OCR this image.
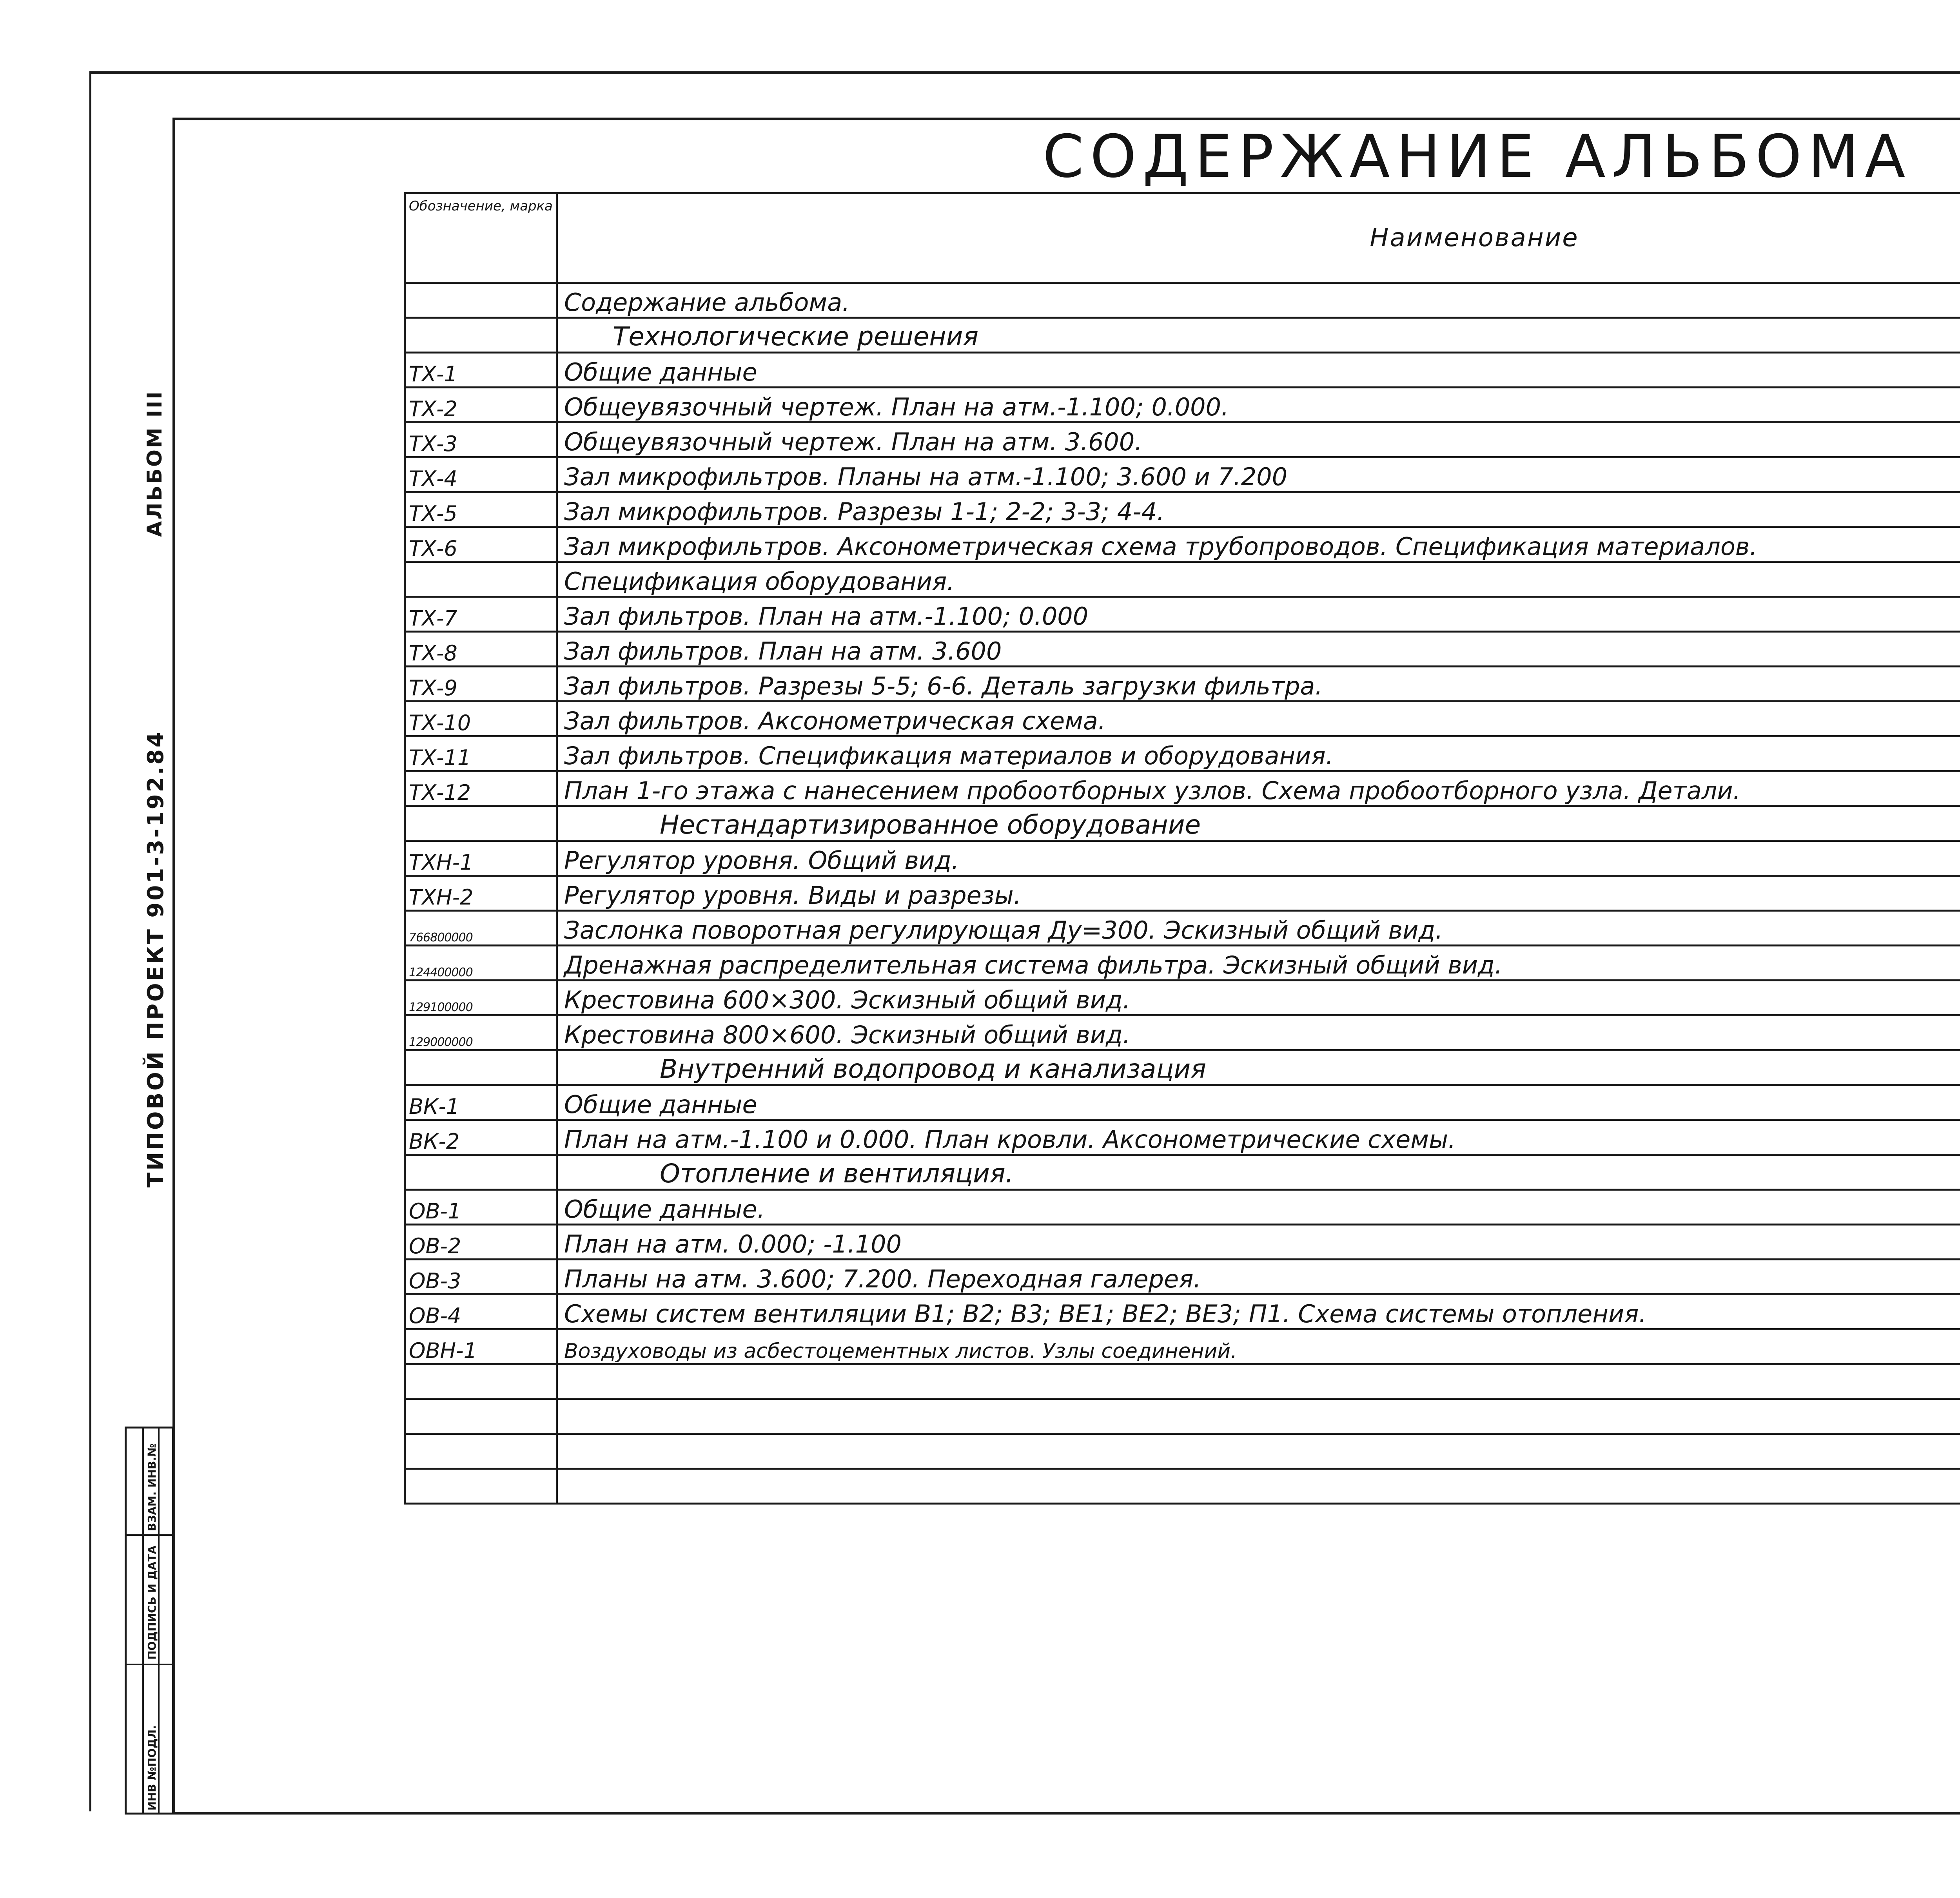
СОДЕРЖАНИЕ АЛЬБОМА
АЛЬБОМ III
ТИПОВОЙ ПРОЕКТ 901-3-192.84
ИНВ №ПОДЛ.
ПОДПИСЬ И ДАТА
ВЗАМ. ИНВ.№
Обозначение, марка	Наименование	
	Содержание альбома.	
	Технологические решения	
ТХ-1	Общие данные	
ТХ-2	Общеувязочный чертеж. План на атм.-1.100; 0.000.	
ТХ-3	Общеувязочный чертеж. План на атм. 3.600.	
ТХ-4	Зал микрофильтров. Планы на атм.-1.100; 3.600 и 7.200	
ТХ-5	Зал микрофильтров. Разрезы 1-1; 2-2; 3-3; 4-4.	
ТХ-6	Зал микрофильтров. Аксонометрическая схема трубопроводов. Спецификация материалов.	
	Спецификация оборудования.	
ТХ-7	Зал фильтров. План на атм.-1.100; 0.000	
ТХ-8	Зал фильтров. План на атм. 3.600	
ТХ-9	Зал фильтров. Разрезы 5-5; 6-6. Деталь загрузки фильтра.	
ТХ-10	Зал фильтров. Аксонометрическая схема.	
ТХ-11	Зал фильтров. Спецификация материалов и оборудования.	
ТХ-12	План 1-го этажа с нанесением пробоотборных узлов. Схема пробоотборного узла. Детали.	
	Нестандартизированное оборудование	
ТХН-1	Регулятор уровня. Общий вид.	
ТХН-2	Регулятор уровня. Виды и разрезы.	
766800000	Заслонка поворотная регулирующая Ду=300. Эскизный общий вид.	
124400000	Дренажная распределительная система фильтра. Эскизный общий вид.	
129100000	Крестовина 600×300. Эскизный общий вид.	
129000000	Крестовина 800×600. Эскизный общий вид.	
	Внутренний водопровод и канализация	
ВК-1	Общие данные	
ВК-2	План на атм.-1.100 и 0.000. План кровли. Аксонометрические схемы.	
	Отопление и вентиляция.	
ОВ-1	Общие данные.	
ОВ-2	План на атм. 0.000; -1.100	
ОВ-3	Планы на атм. 3.600; 7.200. Переходная галерея.	
ОВ-4	Схемы систем вентиляции В1; В2; В3; ВЕ1; ВЕ2; ВЕ3; П1. Схема системы отопления.	
ОВН-1	Воздуховоды из асбестоцементных листов. Узлы соединений.	
